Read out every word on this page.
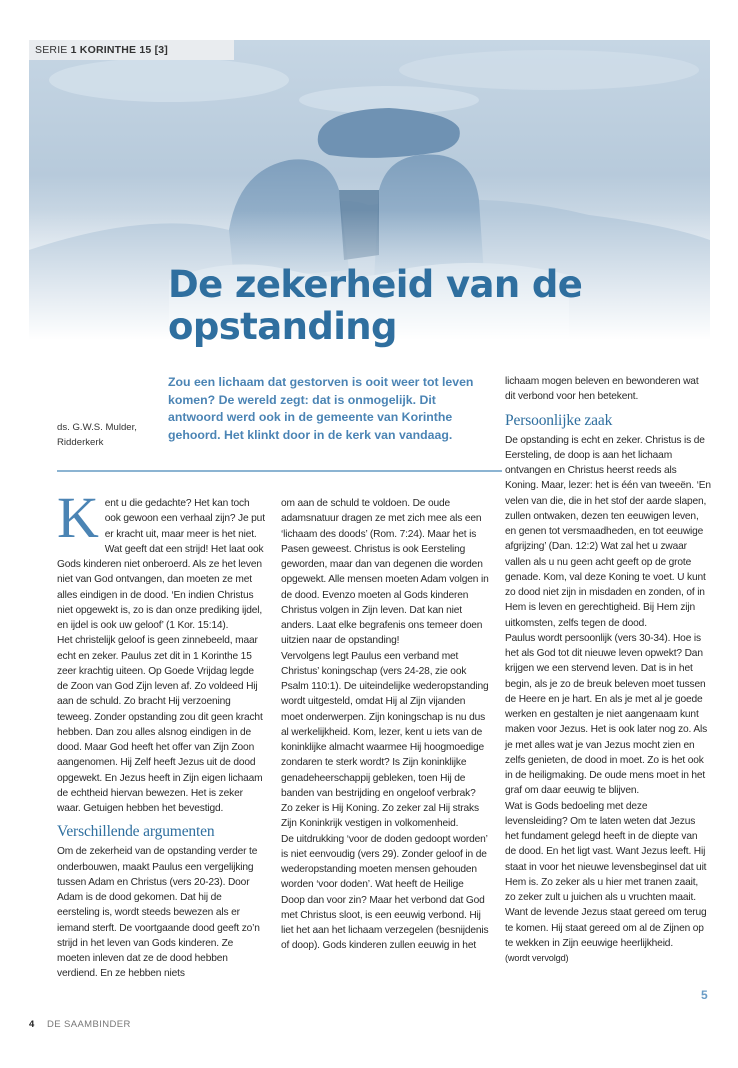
SERIE 1 KORINTHE 15 [3]
De zekerheid van de opstanding
ds. G.W.S. Mulder,
Ridderkerk

Zou een lichaam dat gestorven is ooit weer tot leven komen? De wereld zegt: dat is onmogelijk. Dit antwoord werd ook in de gemeente van Korinthe gehoord. Het klinkt door in de kerk van vandaag.

Kent u die gedachte? Het kan toch ook gewoon een verhaal zijn? Je put er kracht uit, maar meer is het niet. Wat geeft dat een strijd! Het laat ook Gods kinderen niet onberoerd. Als ze het leven niet van God ontvangen, dan moeten ze met alles eindigen in de dood. ‘En indien Christus niet opgewekt is, zo is dan onze prediking ijdel, en ijdel is ook uw geloof’ (1 Kor. 15:14).

Het christelijk geloof is geen zinnebeeld, maar echt en zeker. Paulus zet dit in 1 Korinthe 15 zeer krachtig uiteen. Op Goede Vrijdag legde de Zoon van God Zijn leven af. Zo voldeed Hij aan de schuld. Zo bracht Hij verzoening teweeg. Zonder opstanding zou dit geen kracht hebben. Dan zou alles alsnog eindigen in de dood. Maar God heeft het offer van Zijn Zoon aangenomen. Hij Zelf heeft Jezus uit de dood opgewekt. En Jezus heeft in Zijn eigen lichaam de echtheid hiervan bewezen. Het is zeker waar. Getuigen hebben het bevestigd.

Verschillende argumenten

Om de zekerheid van de opstanding verder te onderbouwen, maakt Paulus een vergelijking tussen Adam en Christus (vers 20-23). Door Adam is de dood gekomen. Dat hij de eersteling is, wordt steeds bewezen als er iemand sterft. De voortgaande dood geeft zo’n strijd in het leven van Gods kinderen. Ze moeten inleven dat ze de dood hebben verdiend. En ze hebben niets

om aan de schuld te voldoen. De oude adamsnatuur dragen ze met zich mee als een ‘lichaam des doods’ (Rom. 7:24). Maar het is Pasen geweest. Christus is ook Eersteling geworden, maar dan van degenen die worden opgewekt. Alle mensen moeten Adam volgen in de dood. Evenzo moeten al Gods kinderen Christus volgen in Zijn leven. Dat kan niet anders. Laat elke begrafenis ons temeer doen uitzien naar de opstanding!

Vervolgens legt Paulus een verband met Christus’ koningschap (vers 24-28, zie ook Psalm 110:1). De uiteindelijke wederopstanding wordt uitgesteld, omdat Hij al Zijn vijanden moet onderwerpen. Zijn koningschap is nu dus al werkelijkheid. Kom, lezer, kent u iets van de koninklijke almacht waarmee Hij hoogmoedige zondaren te sterk wordt? Is Zijn koninklijke genadeheerschappij gebleken, toen Hij de banden van bestrijding en ongeloof verbrak? Zo zeker is Hij Koning. Zo zeker zal Hij straks Zijn Koninkrijk vestigen in volkomenheid.

De uitdrukking ‘voor de doden gedoopt worden’ is niet eenvoudig (vers 29). Zonder geloof in de wederopstanding moeten mensen gehouden worden ‘voor doden’. Wat heeft de Heilige Doop dan voor zin? Maar het verbond dat God met Christus sloot, is een eeuwig verbond. Hij liet het aan het lichaam verzegelen (besnijdenis of doop). Gods kinderen zullen eeuwig in het

lichaam mogen beleven en bewonderen wat dit verbond voor hen betekent.

Persoonlijke zaak

De opstanding is echt en zeker. Christus is de Eersteling, de doop is aan het lichaam ontvangen en Christus heerst reeds als Koning. Maar, lezer: het is één van tweeën. ‘En velen van die, die in het stof der aarde slapen, zullen ontwaken, dezen ten eeuwigen leven, en genen tot versmaadheden, en tot eeuwige afgrijzing’ (Dan. 12:2) Wat zal het u zwaar vallen als u nu geen acht geeft op de grote genade. Kom, val deze Koning te voet. U kunt zo dood niet zijn in misdaden en zonden, of in Hem is leven en gerechtigheid. Bij Hem zijn uitkomsten, zelfs tegen de dood.

Paulus wordt persoonlijk (vers 30-34). Hoe is het als God tot dit nieuwe leven opwekt? Dan krijgen we een stervend leven. Dat is in het begin, als je zo de breuk beleven moet tussen de Heere en je hart. En als je met al je goede werken en gestalten je niet aangenaam kunt maken voor Jezus. Het is ook later nog zo. Als je met alles wat je van Jezus mocht zien en zelfs genieten, de dood in moet. Zo is het ook in de heiligmaking. De oude mens moet in het graf om daar eeuwig te blijven.

Wat is Gods bedoeling met deze levensleiding? Om te laten weten dat Jezus het fundament gelegd heeft in de diepte van de dood. En het ligt vast. Want Jezus leeft. Hij staat in voor het nieuwe levensbeginsel dat uit Hem is. Zo zeker als u hier met tranen zaait, zo zeker zult u juichen als u vruchten maait. Want de levende Jezus staat gereed om terug te komen. Hij staat gereed om al de Zijnen op te wekken in Zijn eeuwige heerlijkheid.

(wordt vervolgd)

5
4 DE SAAMBINDER
